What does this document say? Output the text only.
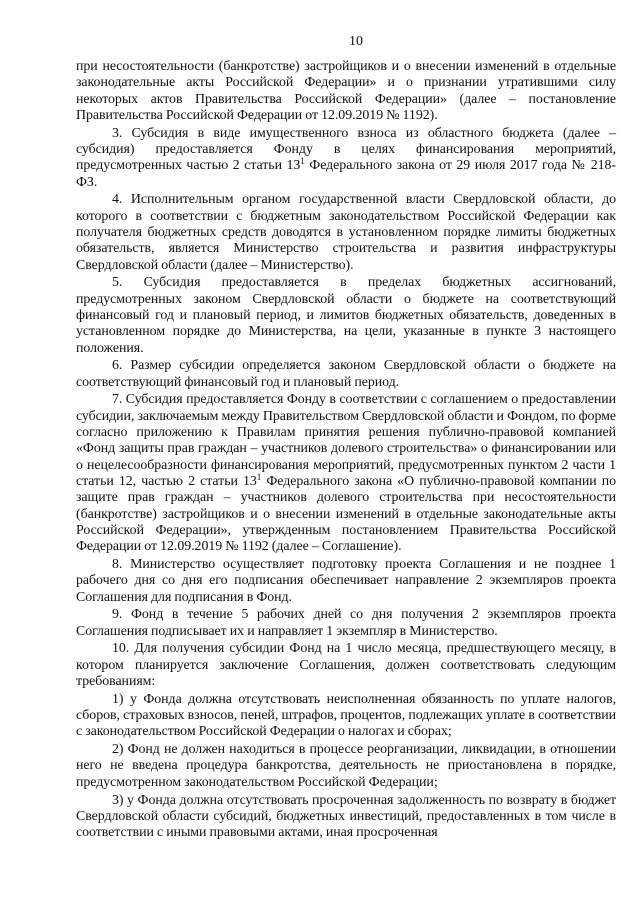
10

при несостоятельности (банкротстве) застройщиков и о внесении изменений в отдельные законодательные акты Российской Федерации» и о признании утратившими силу некоторых актов Правительства Российской Федерации» (далее – постановление Правительства Российской Федерации от 12.09.2019 № 1192).

3. Субсидия в виде имущественного взноса из областного бюджета (далее – субсидия) предоставляется Фонду в целях финансирования мероприятий, предусмотренных частью 2 статьи $13^1$ Федерального закона от 29 июля 2017 года № 218-ФЗ.

4. Исполнительным органом государственной власти Свердловской области, до которого в соответствии с бюджетным законодательством Российской Федерации как получателя бюджетных средств доводятся в установленном порядке лимиты бюджетных обязательств, является Министерство строительства и развития инфраструктуры Свердловской области (далее – Министерство).

5. Субсидия предоставляется в пределах бюджетных ассигнований, предусмотренных законом Свердловской области о бюджете на соответствующий финансовый год и плановый период, и лимитов бюджетных обязательств, доведенных в установленном порядке до Министерства, на цели, указанные в пункте 3 настоящего положения.

6. Размер субсидии определяется законом Свердловской области о бюджете на соответствующий финансовый год и плановый период.

7. Субсидия предоставляется Фонду в соответствии с соглашением о предоставлении субсидии, заключаемым между Правительством Свердловской области и Фондом, по форме согласно приложению к Правилам принятия решения публично-правовой компанией «Фонд защиты прав граждан – участников долевого строительства» о финансировании или о нецелесообразности финансирования мероприятий, предусмотренных пунктом 2 части 1 статьи 12, частью 2 статьи $13^1$ Федерального закона «О публично-правовой компании по защите прав граждан – участников долевого строительства при несостоятельности (банкротстве) застройщиков и о внесении изменений в отдельные законодательные акты Российской Федерации», утвержденным постановлением Правительства Российской Федерации от 12.09.2019 № 1192 (далее – Соглашение).

8. Министерство осуществляет подготовку проекта Соглашения и не позднее 1 рабочего дня со дня его подписания обеспечивает направление 2 экземпляров проекта Соглашения для подписания в Фонд.

9. Фонд в течение 5 рабочих дней со дня получения 2 экземпляров проекта Соглашения подписывает их и направляет 1 экземпляр в Министерство.

10. Для получения субсидии Фонд на 1 число месяца, предшествующего месяцу, в котором планируется заключение Соглашения, должен соответствовать следующим требованиям:

1) у Фонда должна отсутствовать неисполненная обязанность по уплате налогов, сборов, страховых взносов, пеней, штрафов, процентов, подлежащих уплате в соответствии с законодательством Российской Федерации о налогах и сборах;

2) Фонд не должен находиться в процессе реорганизации, ликвидации, в отношении него не введена процедура банкротства, деятельность не приостановлена в порядке, предусмотренном законодательством Российской Федерации;

3) у Фонда должна отсутствовать просроченная задолженность по возврату в бюджет Свердловской области субсидий, бюджетных инвестиций, предоставленных в том числе в соответствии с иными правовыми актами, иная просроченная
